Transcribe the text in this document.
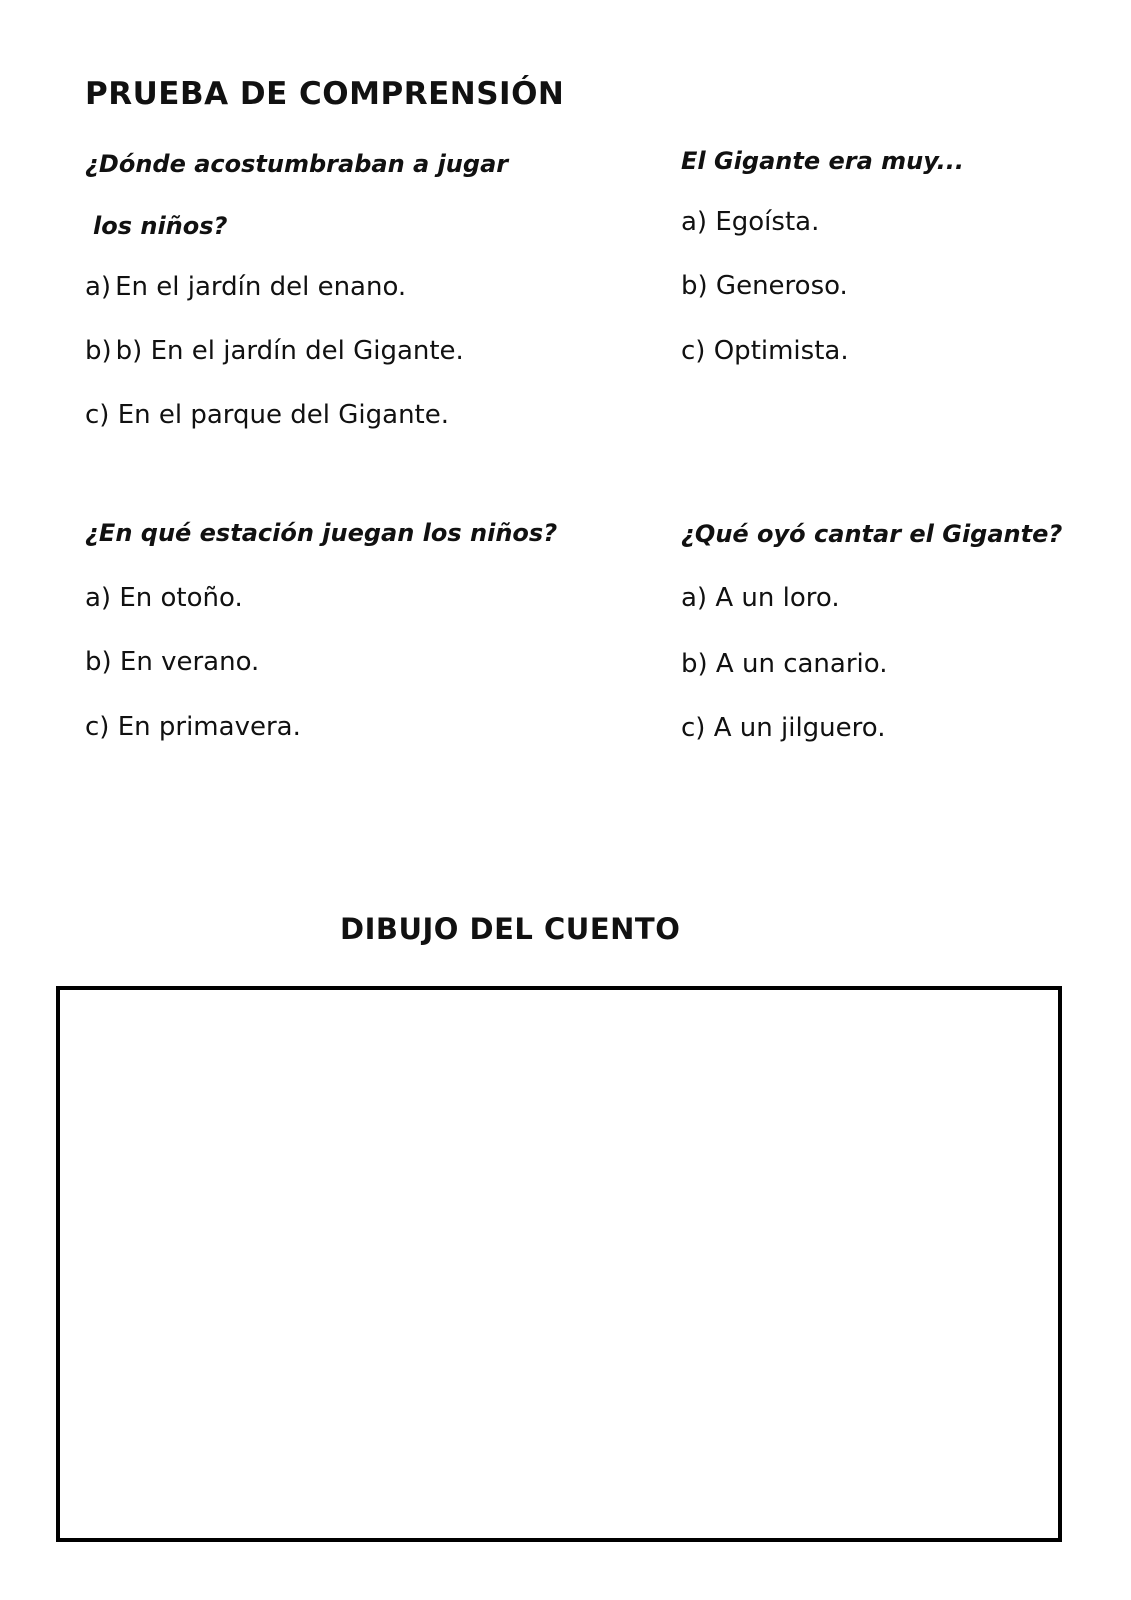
PRUEBA DE COMPRENSIÓN
¿Dónde acostumbraban a jugar
los niños?
a) En el jardín del enano.
b) b) En el jardín del Gigante.
c) En el parque del Gigante.
El Gigante era muy...
a) Egoísta.
b) Generoso.
c) Optimista.
¿En qué estación juegan los niños?
a) En otoño.
b) En verano.
c) En primavera.
¿Qué oyó cantar el Gigante?
a) A un loro.
b) A un canario.
c) A un jilguero.
DIBUJO DEL CUENTO
